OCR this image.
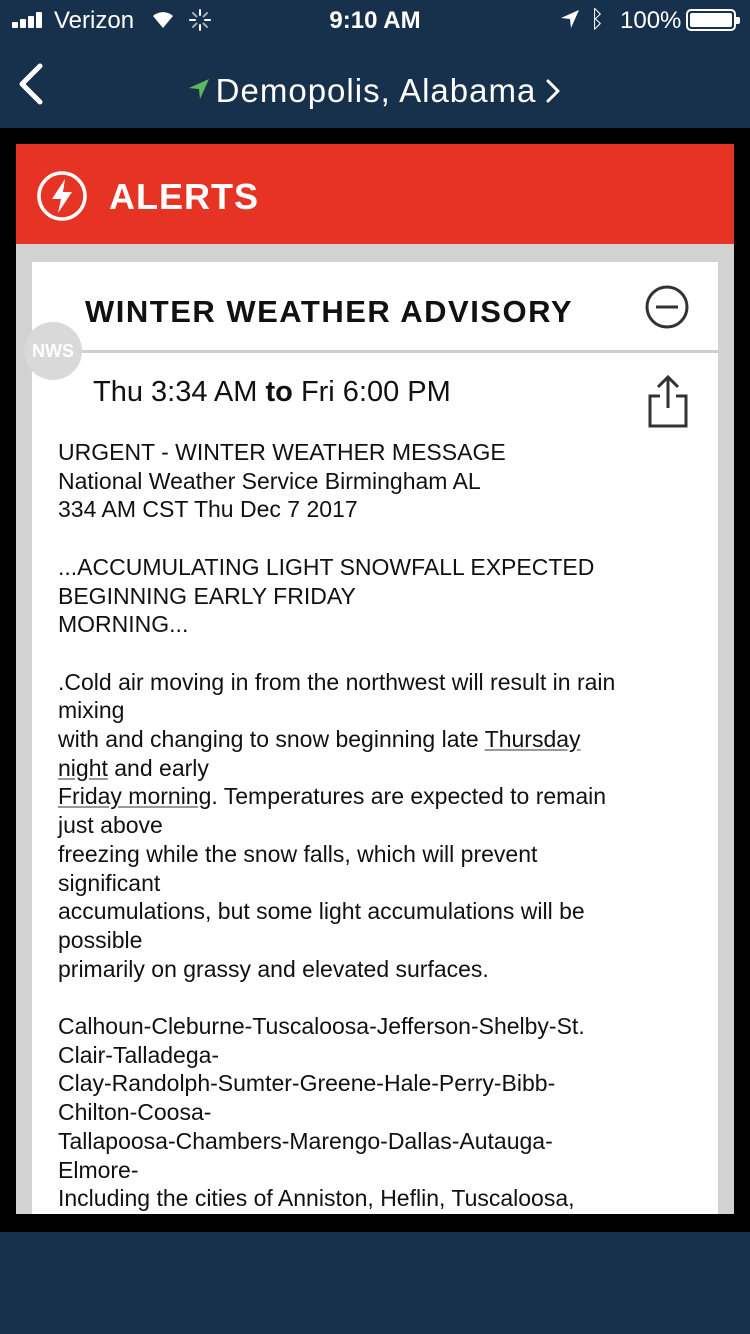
Verizon	9:10 AM	ᛒ 100%
Demopolis, Alabama
ALERTS
WINTER WEATHER ADVISORY
NWS
Thu 3:34 AM to Fri 6:00 PM
URGENT - WINTER WEATHER MESSAGE
National Weather Service Birmingham AL
334 AM CST Thu Dec 7 2017

...ACCUMULATING LIGHT SNOWFALL EXPECTED
BEGINNING EARLY FRIDAY
MORNING...

.Cold air moving in from the northwest will result in rain
mixing
with and changing to snow beginning late Thursday
night and early
Friday morning. Temperatures are expected to remain
just above
freezing while the snow falls, which will prevent
significant
accumulations, but some light accumulations will be
possible
primarily on grassy and elevated surfaces.

Calhoun-Cleburne-Tuscaloosa-Jefferson-Shelby-St.
Clair-Talladega-
Clay-Randolph-Sumter-Greene-Hale-Perry-Bibb-
Chilton-Coosa-
Tallapoosa-Chambers-Marengo-Dallas-Autauga-
Elmore-
Including the cities of Anniston, Heflin, Tuscaloosa,
